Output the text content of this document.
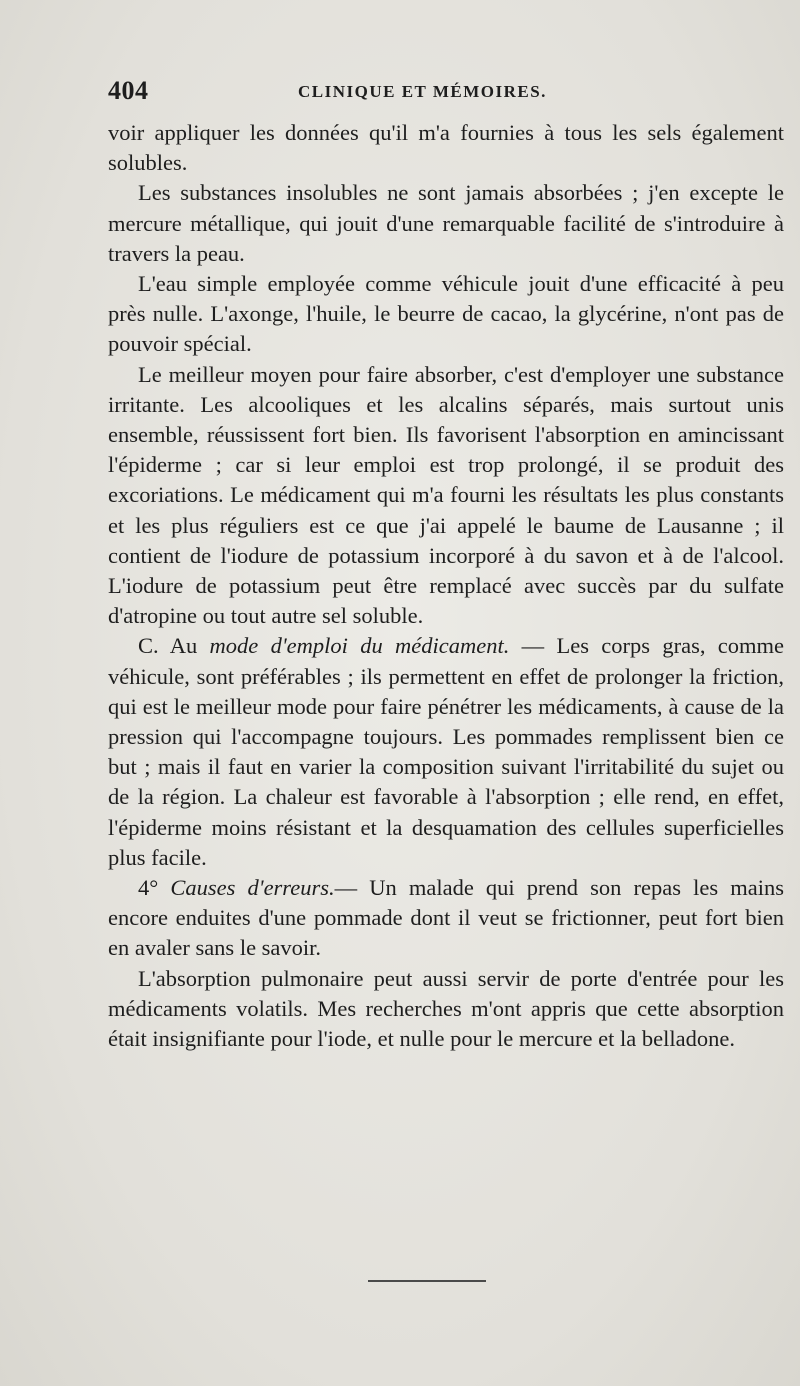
404	CLINIQUE ET MÉMOIRES.

voir appliquer les données qu'il m'a fournies à tous les sels également solubles.

Les substances insolubles ne sont jamais absorbées ; j'en excepte le mercure métallique, qui jouit d'une remarquable facilité de s'introduire à travers la peau.

L'eau simple employée comme véhicule jouit d'une efficacité à peu près nulle. L'axonge, l'huile, le beurre de cacao, la glycérine, n'ont pas de pouvoir spécial.

Le meilleur moyen pour faire absorber, c'est d'employer une substance irritante. Les alcooliques et les alcalins séparés, mais surtout unis ensemble, réussissent fort bien. Ils favorisent l'absorption en amincissant l'épiderme ; car si leur emploi est trop prolongé, il se produit des excoriations. Le médicament qui m'a fourni les résultats les plus constants et les plus réguliers est ce que j'ai appelé le baume de Lausanne ; il contient de l'iodure de potassium incorporé à du savon et à de l'alcool. L'iodure de potassium peut être remplacé avec succès par du sulfate d'atropine ou tout autre sel soluble.

C. Au mode d'emploi du médicament. — Les corps gras, comme véhicule, sont préférables ; ils permettent en effet de prolonger la friction, qui est le meilleur mode pour faire pénétrer les médicaments, à cause de la pression qui l'accompagne toujours. Les pommades remplissent bien ce but ; mais il faut en varier la composition suivant l'irritabilité du sujet ou de la région. La chaleur est favorable à l'absorption ; elle rend, en effet, l'épiderme moins résistant et la desquamation des cellules superficielles plus facile.

4° Causes d'erreurs.— Un malade qui prend son repas les mains encore enduites d'une pommade dont il veut se frictionner, peut fort bien en avaler sans le savoir.

L'absorption pulmonaire peut aussi servir de porte d'entrée pour les médicaments volatils. Mes recherches m'ont appris que cette absorption était insignifiante pour l'iode, et nulle pour le mercure et la belladone.
